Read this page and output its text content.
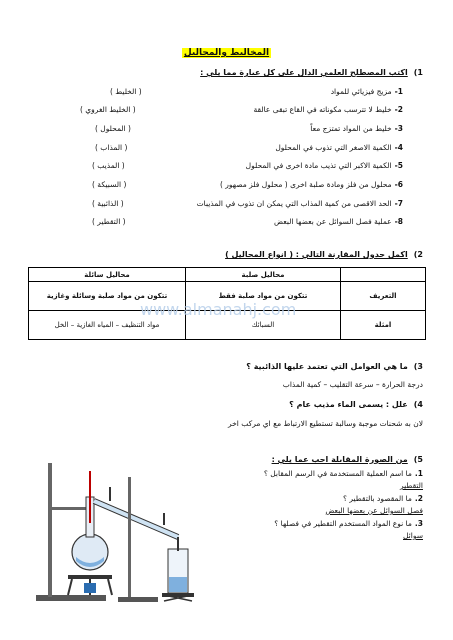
المخاليط والمحاليل
1)اكتب المصطلح العلمي الدال على كل عبارة مما يلي :
1-مزيج فيزيائي للمواد
( الخليط )
2-خليط لا تترسب مكوناته في القاع تبقى عالقة
( الخليط الغروي )
3-خليط من المواد تمتزج معاً
( المحلول )
4-الكمية الاصغر التي تذوب في المحلول
( المذاب )
5-الكمية الاكبر التي تذيب مادة اخرى في المحلول
( المذيب )
6-محلول من فلز ومادة صلبة اخرى ( محلول فلز مصهور )
( السبيكة )
7-الحد الاقصى من كمية المذاب التي يمكن ان تذوب في المذيبات
( الذائبية )
8-عملية فصل السوائل عن بعضها البعض
( التقطير )
2)اكمل جدول المقارنة التالي : ( انواع المحاليل )
	محاليل صلبة	محاليل سائلة
التعريف	تتكون من مواد صلبة فقط	تتكون من مواد صلبة وسائلة وغازية
امثلة	السبائك	مواد التنظيف – المياه الغازية – الخل
www.almanahj.com
3)ما هي العوامل التي تعتمد عليها الذائبية ؟
درجة الحرارة – سرعة التقليب – كمية المذاب
4)علل : يسمى الماء مذيب عام ؟
لان به شحنات موجبة وسالبة تستطيع الارتباط مع اي مركب اخر
5)من الصورة المقابلة اجب عما يلي :
1.ما اسم العملية المستخدمة في الرسم المقابل ؟
التقطير
2.ما المقصود بالتقطير ؟
فصل السوائل عن بعضها البعض
3.ما نوع المواد المستخدم التقطير في فصلها ؟
سوائل
